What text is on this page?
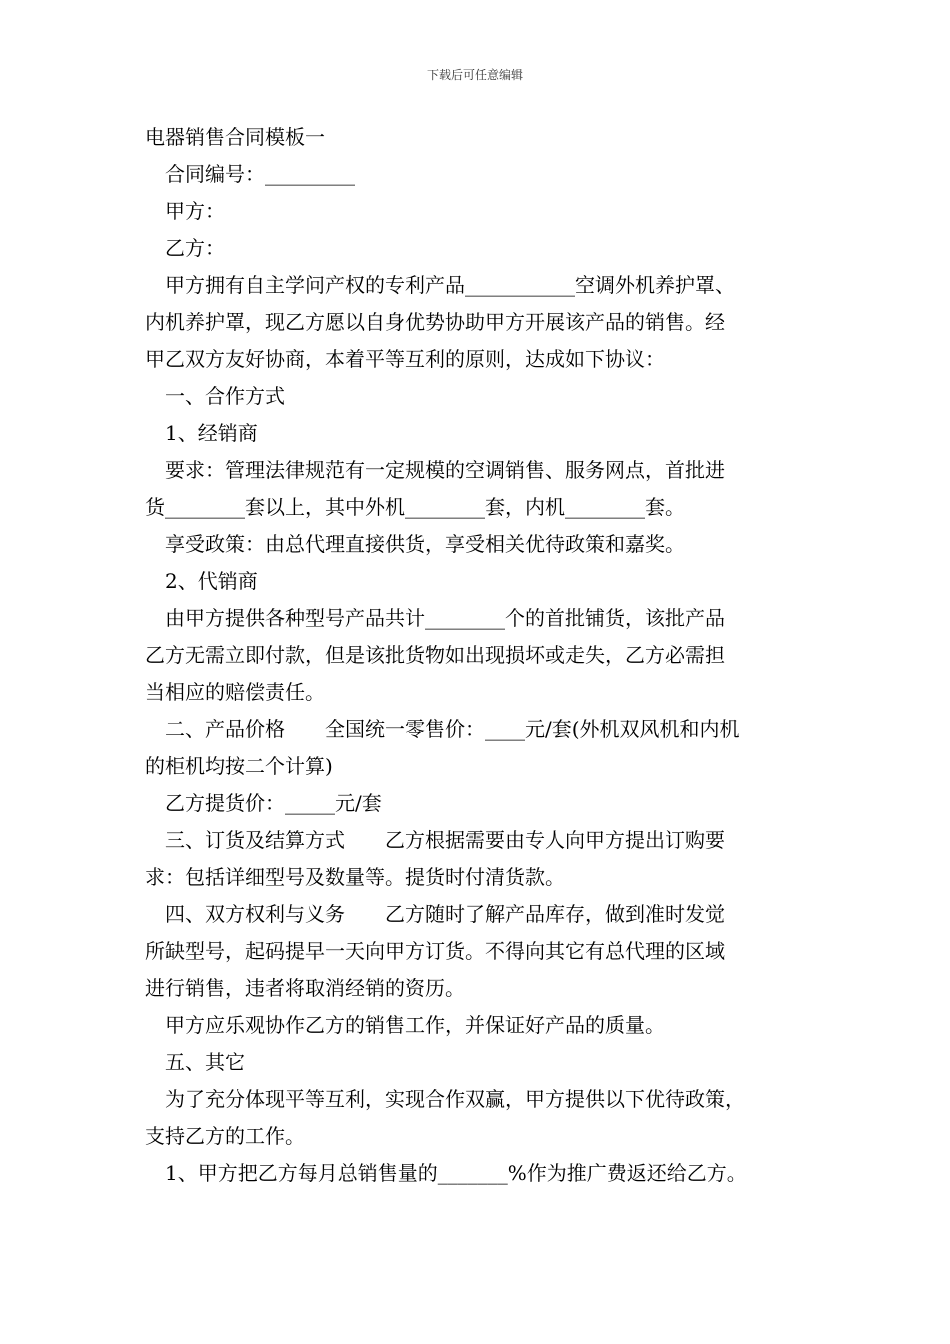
下载后可任意编辑
电器销售合同模板一
合同编号：_________
甲方：
乙方：
甲方拥有自主学问产权的专利产品___________空调外机养护罩、
内机养护罩，现乙方愿以自身优势协助甲方开展该产品的销售。经
甲乙双方友好协商，本着平等互利的原则，达成如下协议：
一、合作方式
1、经销商
要求：管理法律规范有一定规模的空调销售、服务网点，首批进
货________套以上，其中外机________套，内机________套。
享受政策：由总代理直接供货，享受相关优待政策和嘉奖。
2、代销商
由甲方提供各种型号产品共计________个的首批铺货，该批产品
乙方无需立即付款，但是该批货物如出现损坏或走失，乙方必需担
当相应的赔偿责任。
二、产品价格　　全国统一零售价：____元/套(外机双风机和内机
的柜机均按二个计算)
乙方提货价：_____元/套
三、订货及结算方式　　乙方根据需要由专人向甲方提出订购要
求：包括详细型号及数量等。提货时付清货款。
四、双方权利与义务　　乙方随时了解产品库存，做到准时发觉
所缺型号，起码提早一天向甲方订货。不得向其它有总代理的区域
进行销售，违者将取消经销的资历。
甲方应乐观协作乙方的销售工作，并保证好产品的质量。
五、其它
为了充分体现平等互利，实现合作双赢，甲方提供以下优待政策，
支持乙方的工作。
1、甲方把乙方每月总销售量的_______%作为推广费返还给乙方。
